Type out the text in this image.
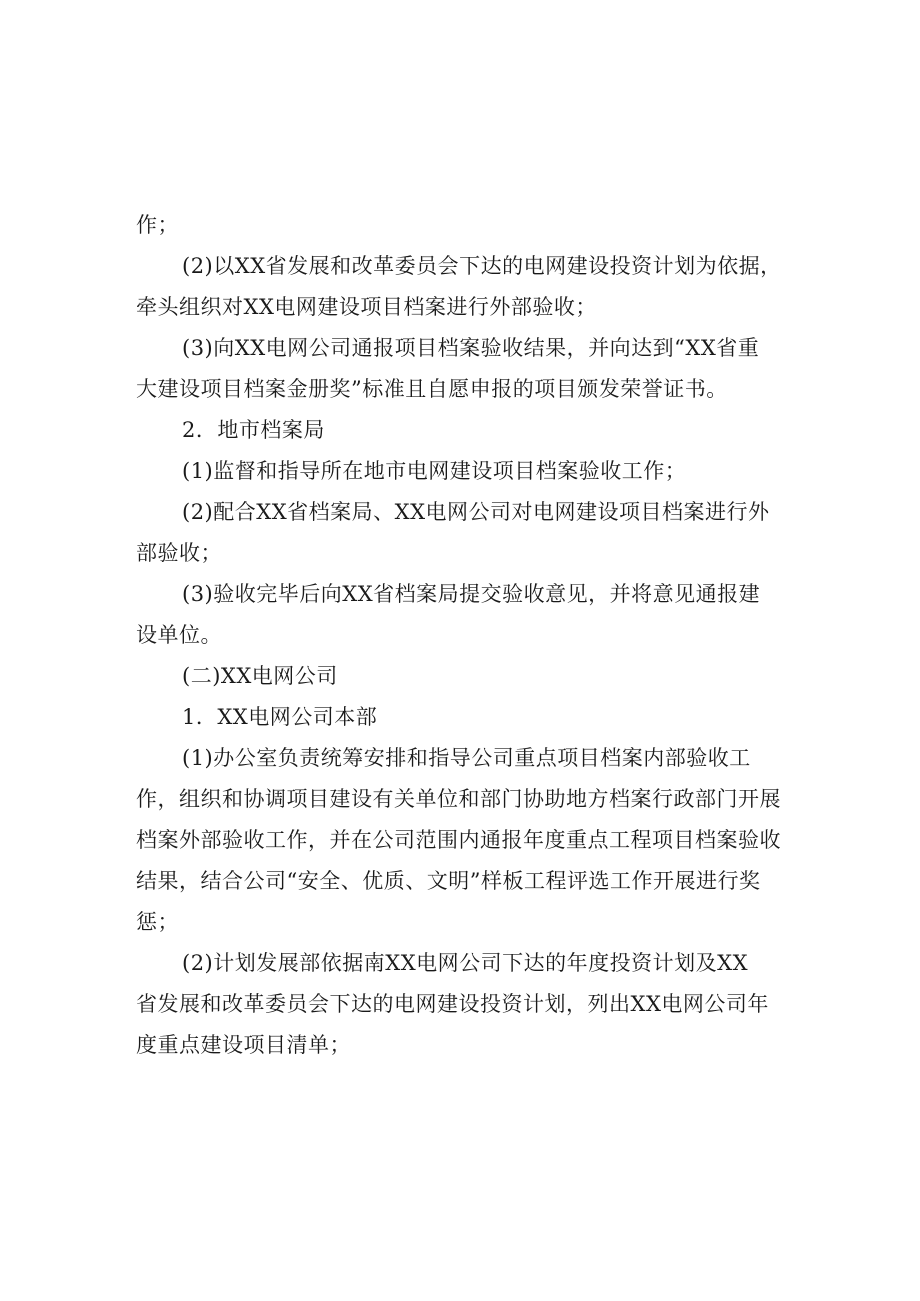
作；
(2)以XX省发展和改革委员会下达的电网建设投资计划为依据，
牵头组织对XX电网建设项目档案进行外部验收；
(3)向XX电网公司通报项目档案验收结果，并向达到“XX省重
大建设项目档案金册奖”标准且自愿申报的项目颁发荣誉证书。
2．地市档案局
(1)监督和指导所在地市电网建设项目档案验收工作；
(2)配合XX省档案局、XX电网公司对电网建设项目档案进行外
部验收；
(3)验收完毕后向XX省档案局提交验收意见，并将意见通报建
设单位。
(二)XX电网公司
1．XX电网公司本部
(1)办公室负责统筹安排和指导公司重点项目档案内部验收工
作，组织和协调项目建设有关单位和部门协助地方档案行政部门开展
档案外部验收工作，并在公司范围内通报年度重点工程项目档案验收
结果，结合公司“安全、优质、文明”样板工程评选工作开展进行奖
惩；
(2)计划发展部依据南XX电网公司下达的年度投资计划及XX
省发展和改革委员会下达的电网建设投资计划，列出XX电网公司年
度重点建设项目清单；
